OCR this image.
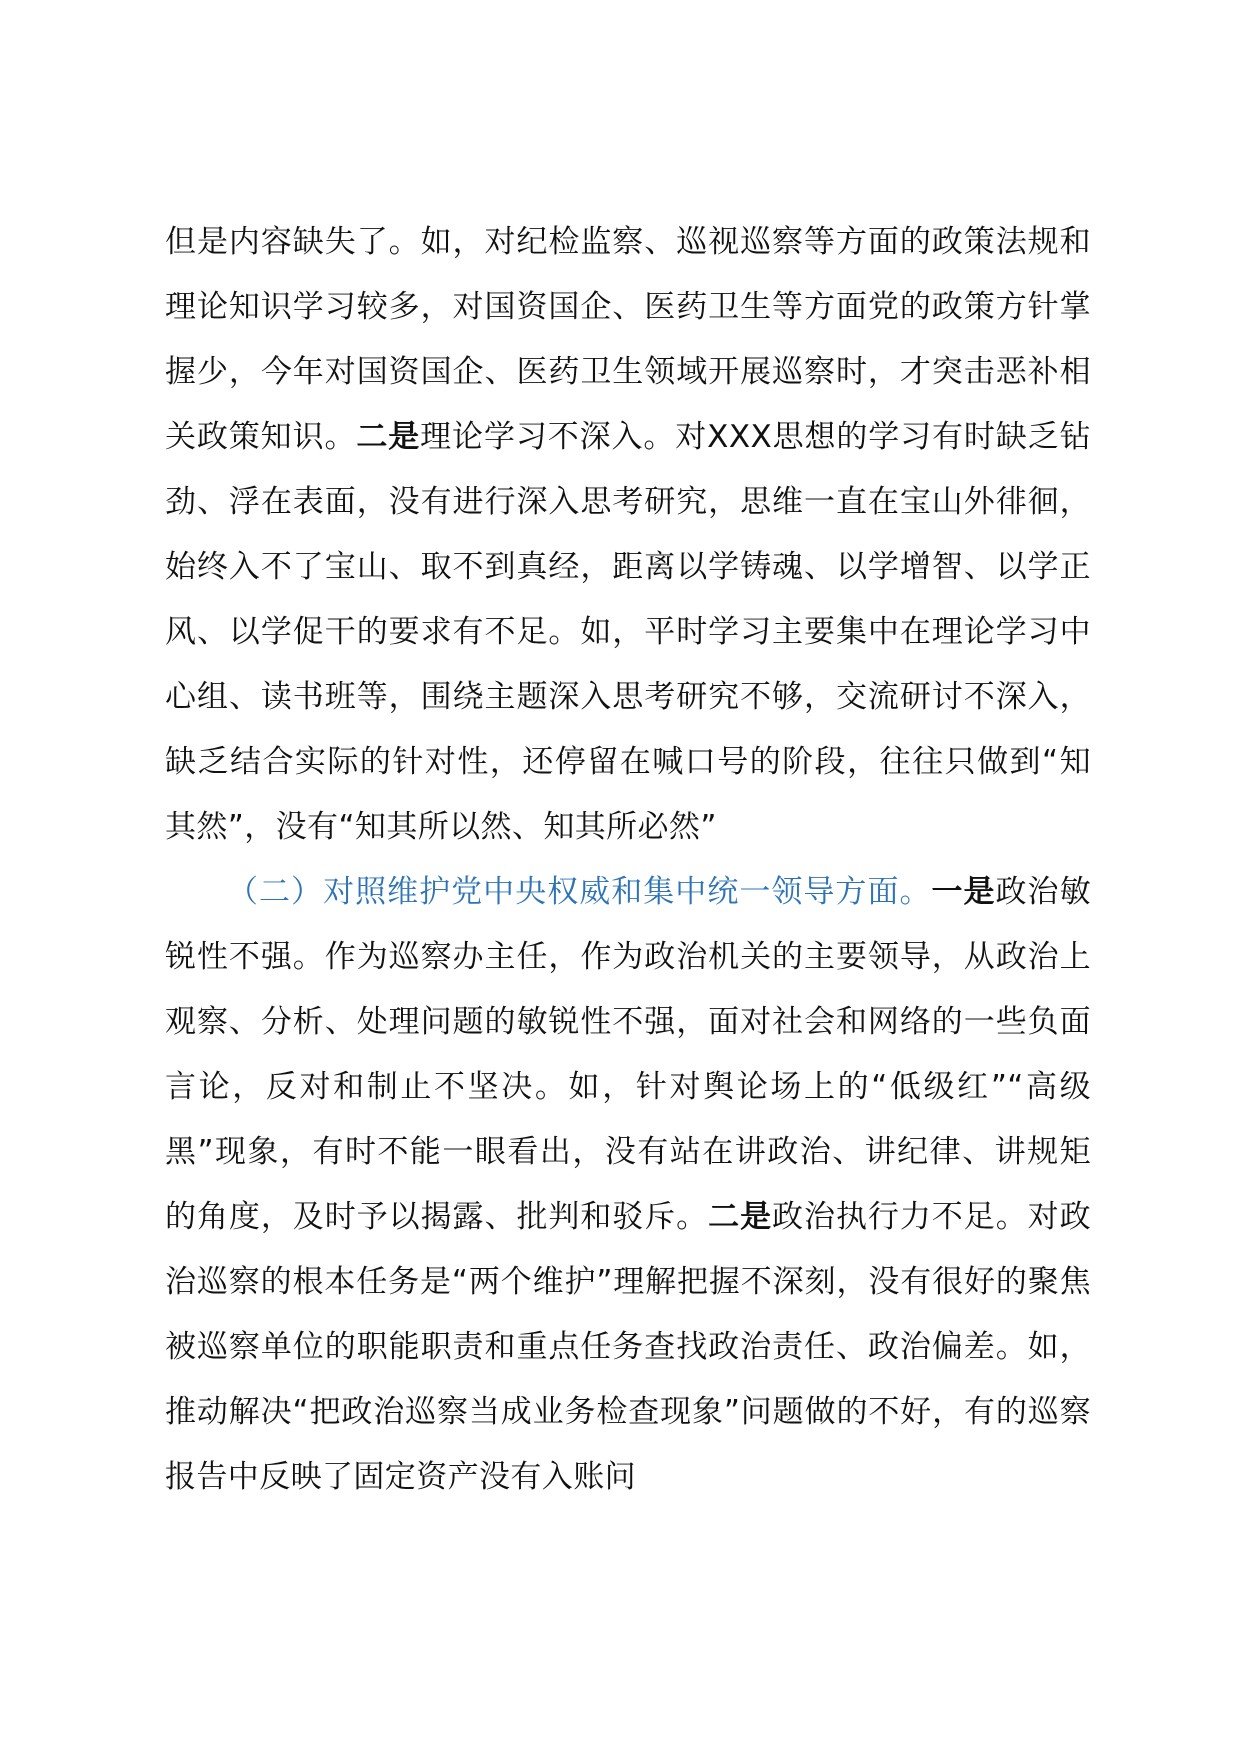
但是内容缺失了。如，对纪检监察、巡视巡察等方面的政策法规和理论知识学习较多，对国资国企、医药卫生等方面党的政策方针掌握少，今年对国资国企、医药卫生领域开展巡察时，才突击恶补相关政策知识。二是理论学习不深入。对XXX思想的学习有时缺乏钻劲、浮在表面，没有进行深入思考研究，思维一直在宝山外徘徊，始终入不了宝山、取不到真经，距离以学铸魂、以学增智、以学正风、以学促干的要求有不足。如，平时学习主要集中在理论学习中心组、读书班等，围绕主题深入思考研究不够，交流研讨不深入，缺乏结合实际的针对性，还停留在喊口号的阶段，往往只做到“知其然”，没有“知其所以然、知其所必然”

（二）对照维护党中央权威和集中统一领导方面。一是政治敏锐性不强。作为巡察办主任，作为政治机关的主要领导，从政治上观察、分析、处理问题的敏锐性不强，面对社会和网络的一些负面言论，反对和制止不坚决。如，针对舆论场上的“低级红”“高级黑”现象，有时不能一眼看出，没有站在讲政治、讲纪律、讲规矩的角度，及时予以揭露、批判和驳斥。二是政治执行力不足。对政治巡察的根本任务是“两个维护”理解把握不深刻，没有很好的聚焦被巡察单位的职能职责和重点任务查找政治责任、政治偏差。如，推动解决“把政治巡察当成业务检查现象”问题做的不好，有的巡察报告中反映了固定资产没有入账问
